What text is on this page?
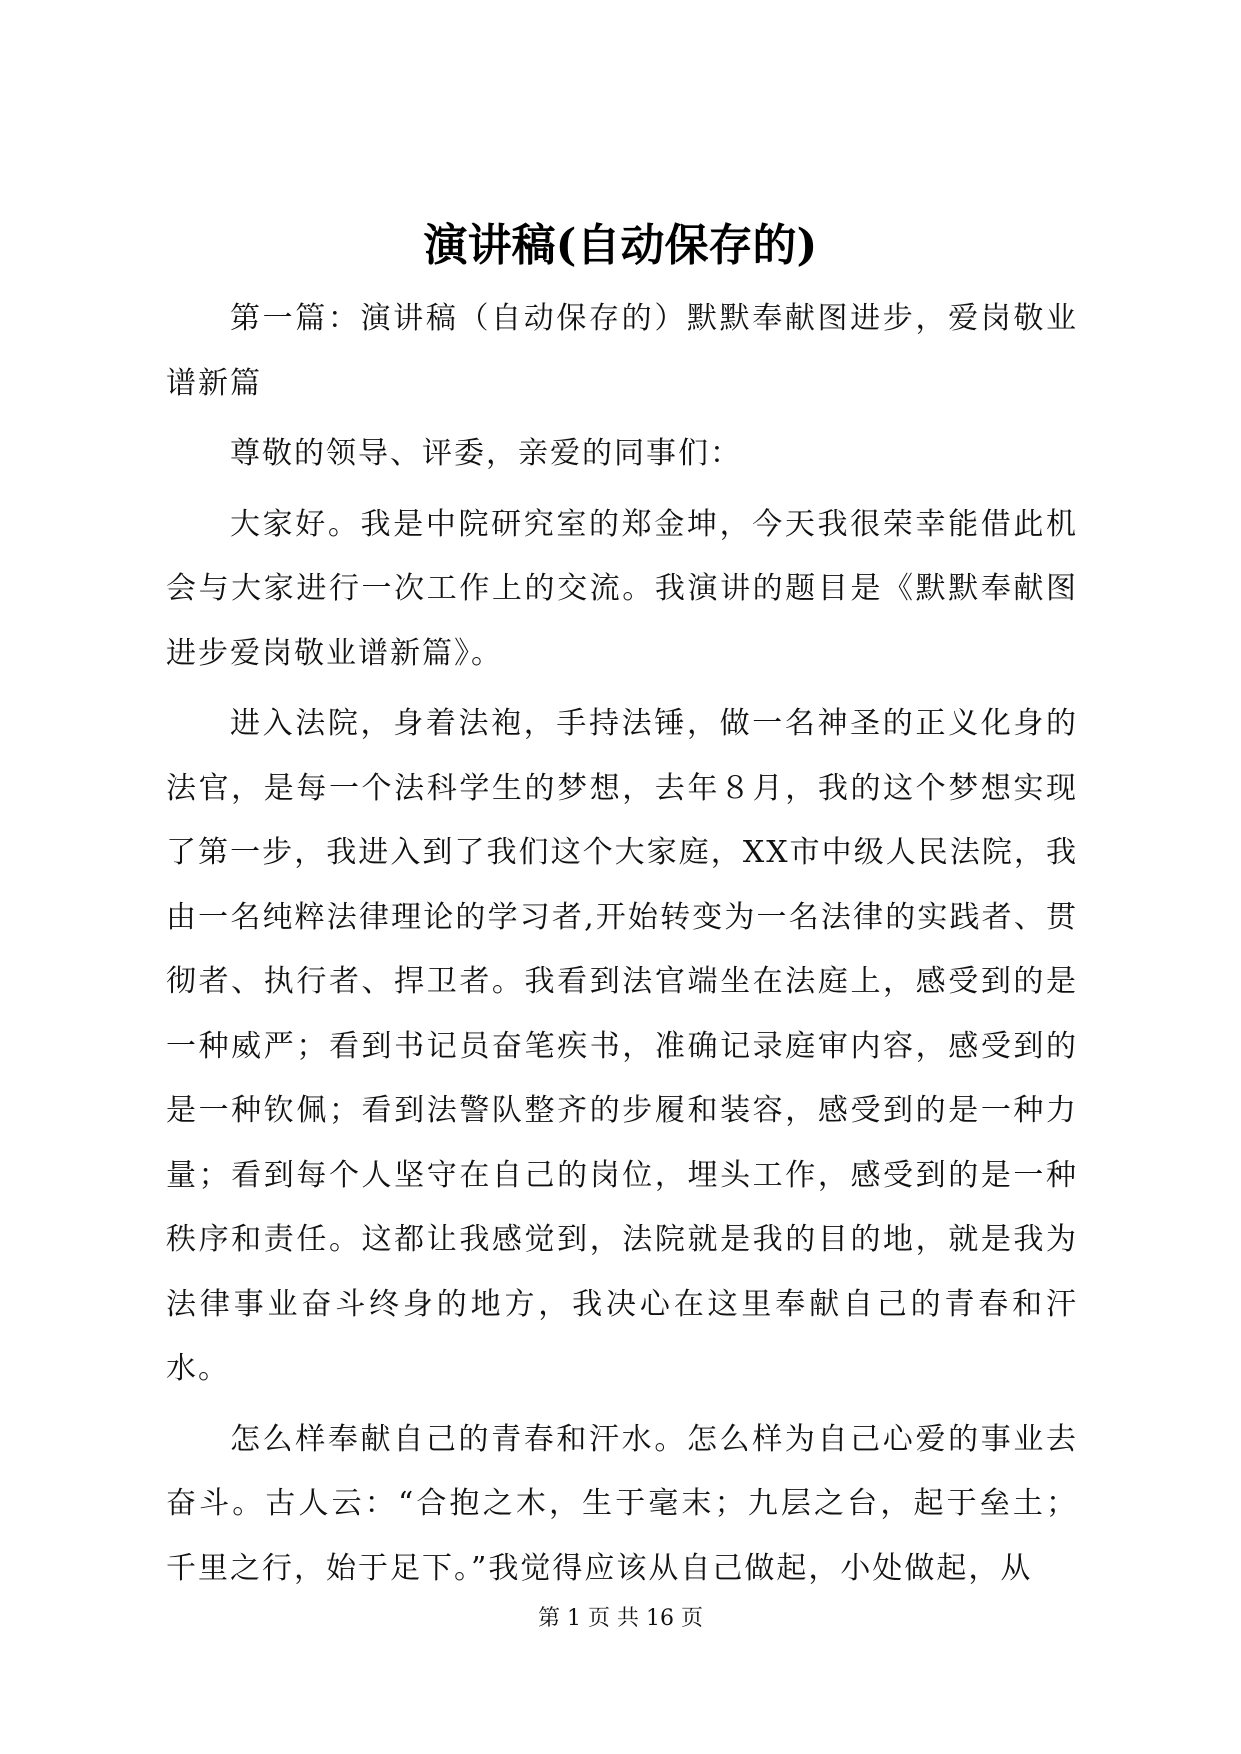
演讲稿(自动保存的)

第一篇：演讲稿（自动保存的）默默奉献图进步，爱岗敬业谱新篇

尊敬的领导、评委，亲爱的同事们：

大家好。我是中院研究室的郑金坤，今天我很荣幸能借此机会与大家进行一次工作上的交流。我演讲的题目是《默默奉献图进步爱岗敬业谱新篇》。

进入法院，身着法袍，手持法锤，做一名神圣的正义化身的法官，是每一个法科学生的梦想，去年８月，我的这个梦想实现了第一步，我进入到了我们这个大家庭，XX市中级人民法院，我由一名纯粹法律理论的学习者,开始转变为一名法律的实践者、贯彻者、执行者、捍卫者。我看到法官端坐在法庭上，感受到的是一种威严；看到书记员奋笔疾书，准确记录庭审内容，感受到的是一种钦佩；看到法警队整齐的步履和装容，感受到的是一种力量；看到每个人坚守在自己的岗位，埋头工作，感受到的是一种秩序和责任。这都让我感觉到，法院就是我的目的地，就是我为法律事业奋斗终身的地方，我决心在这里奉献自己的青春和汗水。

怎么样奉献自己的青春和汗水。怎么样为自己心爱的事业去奋斗。古人云：“合抱之木，生于毫末；九层之台，起于垒土；千里之行，始于足下。”我觉得应该从自己做起，小处做起，从

第 1 页 共 16 页
